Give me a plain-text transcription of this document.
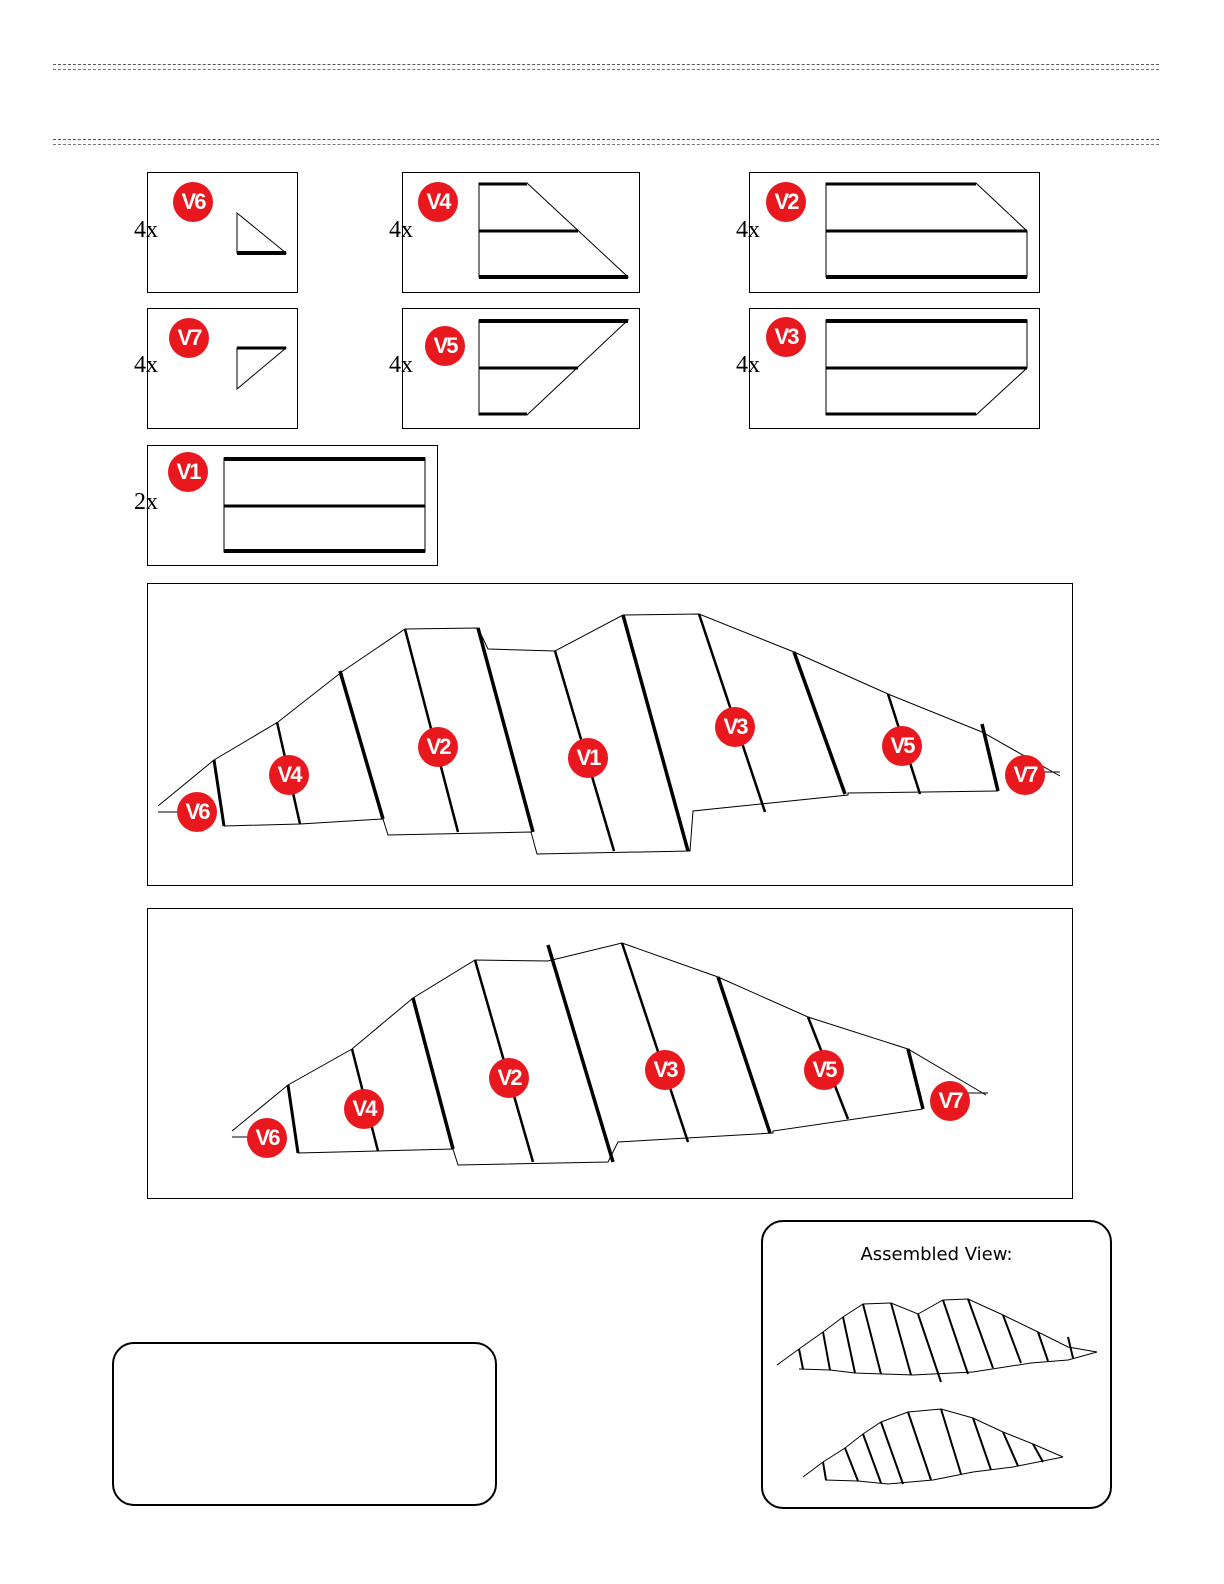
V6
4x
V4
4x
V2
4x
V7
4x
V5
4x
V3
4x
V1
2x
V6
V4
V2	V1
V3
V5
V7
V6
V4
V2	V3	V5
V7
Assembled View:
